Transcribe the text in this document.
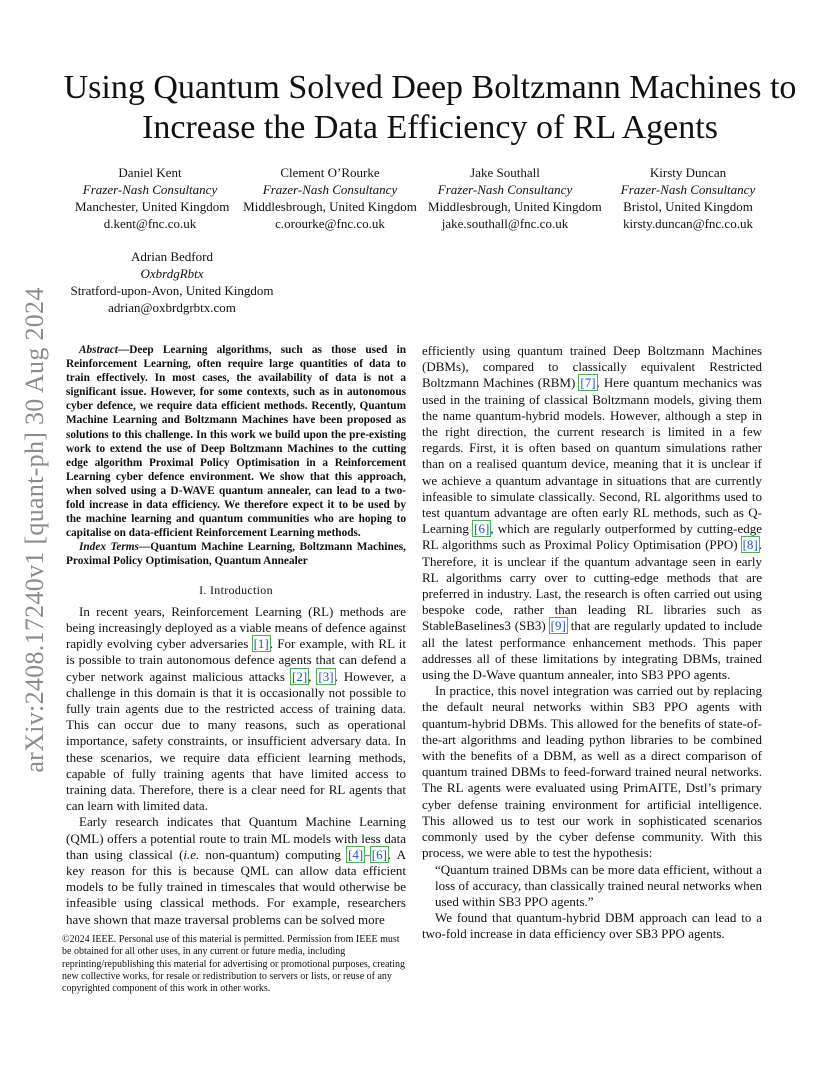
arXiv:2408.17240v1 [quant-ph] 30 Aug 2024
Using Quantum Solved Deep Boltzmann Machines to Increase the Data Efficiency of RL Agents
Daniel Kent
Frazer-Nash Consultancy
Manchester, United Kingdom
d.kent@fnc.co.uk
Clement O’Rourke
Frazer-Nash Consultancy
Middlesbrough, United Kingdom
c.orourke@fnc.co.uk
Jake Southall
Frazer-Nash Consultancy
Middlesbrough, United Kingdom
jake.southall@fnc.co.uk
Kirsty Duncan
Frazer-Nash Consultancy
Bristol, United Kingdom
kirsty.duncan@fnc.co.uk
Adrian Bedford
OxbrdgRbtx
Stratford-upon-Avon, United Kingdom
adrian@oxbrdgrbtx.com

Abstract—Deep Learning algorithms, such as those used in Reinforcement Learning, often require large quantities of data to train effectively. In most cases, the availability of data is not a significant issue. However, for some contexts, such as in autonomous cyber defence, we require data efficient methods. Recently, Quantum Machine Learning and Boltzmann Machines have been proposed as solutions to this challenge. In this work we build upon the pre-existing work to extend the use of Deep Boltzmann Machines to the cutting edge algorithm Proximal Policy Optimisation in a Reinforcement Learning cyber defence environment. We show that this approach, when solved using a D-WAVE quantum annealer, can lead to a two-fold increase in data efficiency. We therefore expect it to be used by the machine learning and quantum communities who are hoping to capitalise on data-efficient Reinforcement Learning methods.

Index Terms—Quantum Machine Learning, Boltzmann Machines, Proximal Policy Optimisation, Quantum Annealer

I. Introduction

In recent years, Reinforcement Learning (RL) methods are being increasingly deployed as a viable means of defence against rapidly evolving cyber adversaries [1]. For example, with RL it is possible to train autonomous defence agents that can defend a cyber network against malicious attacks [2], [3]. However, a challenge in this domain is that it is occasionally not possible to fully train agents due to the restricted access of training data. This can occur due to many reasons, such as operational importance, safety constraints, or insufficient adversary data. In these scenarios, we require data efficient learning methods, capable of fully training agents that have limited access to training data. Therefore, there is a clear need for RL agents that can learn with limited data.

Early research indicates that Quantum Machine Learning (QML) offers a potential route to train ML models with less data than using classical (i.e. non-quantum) computing [4]–[6]. A key reason for this is because QML can allow data efficient models to be fully trained in timescales that would otherwise be infeasible using classical methods. For example, researchers have shown that maze traversal problems can be solved more

©2024 IEEE. Personal use of this material is permitted. Permission from IEEE must be obtained for all other uses, in any current or future media, including reprinting/republishing this material for advertising or promotional purposes, creating new collective works, for resale or redistribution to servers or lists, or reuse of any copyrighted component of this work in other works.

efficiently using quantum trained Deep Boltzmann Machines (DBMs), compared to classically equivalent Restricted Boltzmann Machines (RBM) [7]. Here quantum mechanics was used in the training of classical Boltzmann models, giving them the name quantum-hybrid models. However, although a step in the right direction, the current research is limited in a few regards. First, it is often based on quantum simulations rather than on a realised quantum device, meaning that it is unclear if we achieve a quantum advantage in situations that are currently infeasible to simulate classically. Second, RL algorithms used to test quantum advantage are often early RL methods, such as Q-Learning [6], which are regularly outperformed by cutting-edge RL algorithms such as Proximal Policy Optimisation (PPO) [8]. Therefore, it is unclear if the quantum advantage seen in early RL algorithms carry over to cutting-edge methods that are preferred in industry. Last, the research is often carried out using bespoke code, rather than leading RL libraries such as StableBaselines3 (SB3) [9] that are regularly updated to include all the latest performance enhancement methods. This paper addresses all of these limitations by integrating DBMs, trained using the D-Wave quantum annealer, into SB3 PPO agents.

In practice, this novel integration was carried out by replacing the default neural networks within SB3 PPO agents with quantum-hybrid DBMs. This allowed for the benefits of state-of-the-art algorithms and leading python libraries to be combined with the benefits of a DBM, as well as a direct comparison of quantum trained DBMs to feed-forward trained neural networks. The RL agents were evaluated using PrimAITE, Dstl’s primary cyber defense training environment for artificial intelligence. This allowed us to test our work in sophisticated scenarios commonly used by the cyber defense community. With this process, we were able to test the hypothesis:

“Quantum trained DBMs can be more data efficient, without a loss of accuracy, than classically trained neural networks when used within SB3 PPO agents.”

We found that quantum-hybrid DBM approach can lead to a two-fold increase in data efficiency over SB3 PPO agents.
